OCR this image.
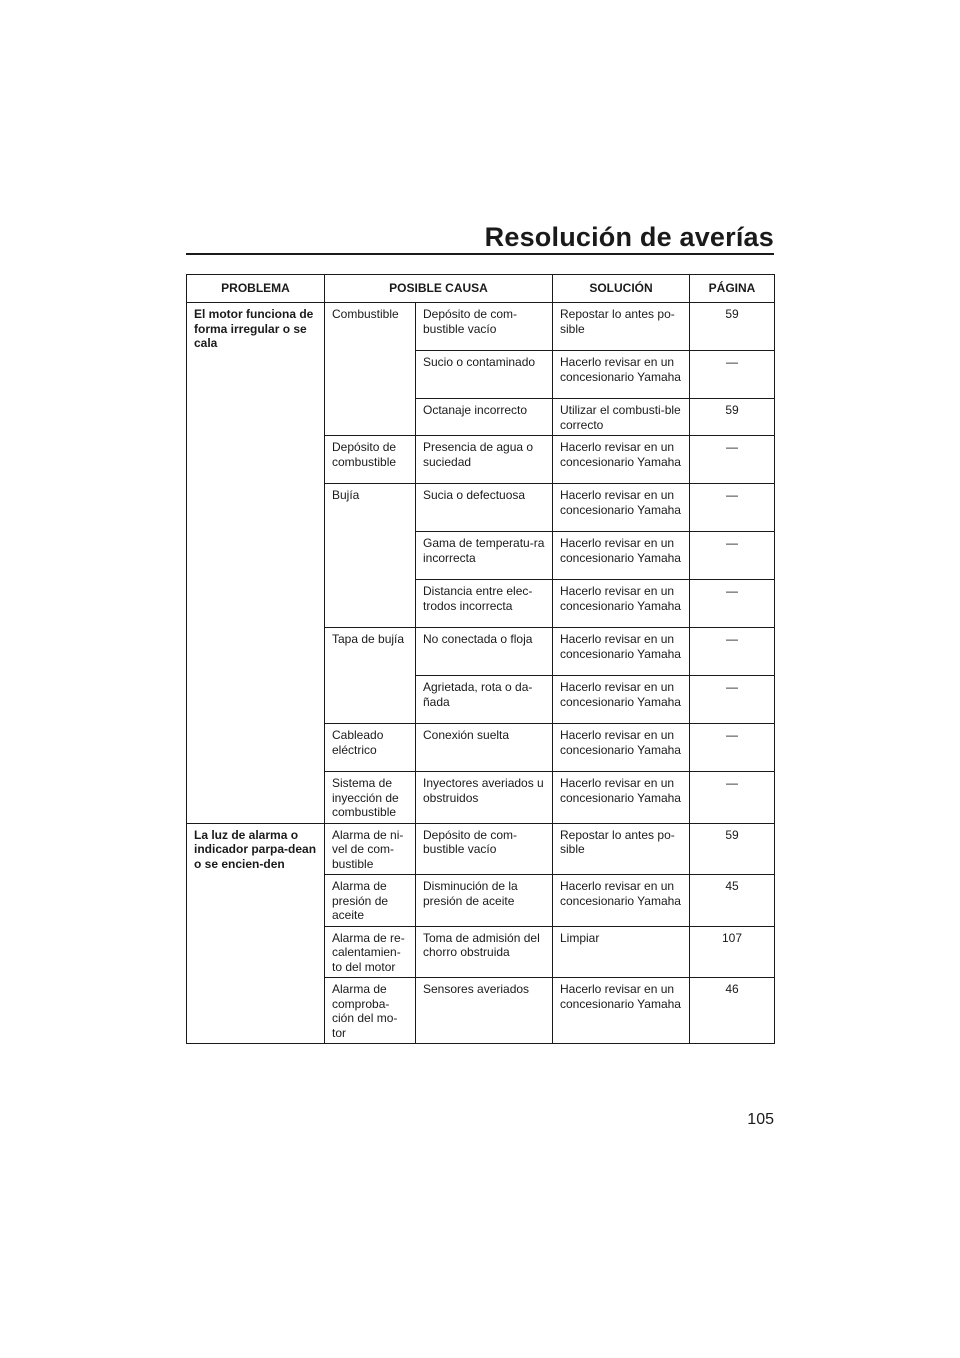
Resolución de averías
PROBLEMA	POSIBLE CAUSA		SOLUCIÓN	PÁGINA
El motor funciona de forma irregular o se cala	Combustible	Depósito de com-bustible vacío	Repostar lo antes po-sible	59
		Sucio o contaminado	Hacerlo revisar en un concesionario Yamaha	—
		Octanaje incorrecto	Utilizar el combusti-ble correcto	59
	Depósito de combustible	Presencia de agua o suciedad	Hacerlo revisar en un concesionario Yamaha	—
	Bujía	Sucia o defectuosa	Hacerlo revisar en un concesionario Yamaha	—
		Gama de temperatu-ra incorrecta	Hacerlo revisar en un concesionario Yamaha	—
		Distancia entre elec-trodos incorrecta	Hacerlo revisar en un concesionario Yamaha	—
	Tapa de bujía	No conectada o floja	Hacerlo revisar en un concesionario Yamaha	—
		Agrietada, rota o da-ñada	Hacerlo revisar en un concesionario Yamaha	—
	Cableado eléctrico	Conexión suelta	Hacerlo revisar en un concesionario Yamaha	—
	Sistema de inyección de combustible	Inyectores averiados u obstruidos	Hacerlo revisar en un concesionario Yamaha	—
La luz de alarma o indicador parpa-dean o se encien-den	Alarma de ni-vel de com-bustible	Depósito de com-bustible vacío	Repostar lo antes po-sible	59
	Alarma de presión de aceite	Disminución de la presión de aceite	Hacerlo revisar en un concesionario Yamaha	45
	Alarma de re-calentamien-to del motor	Toma de admisión del chorro obstruida	Limpiar	107
	Alarma de comproba-ción del mo-tor	Sensores averiados	Hacerlo revisar en un concesionario Yamaha	46
105
